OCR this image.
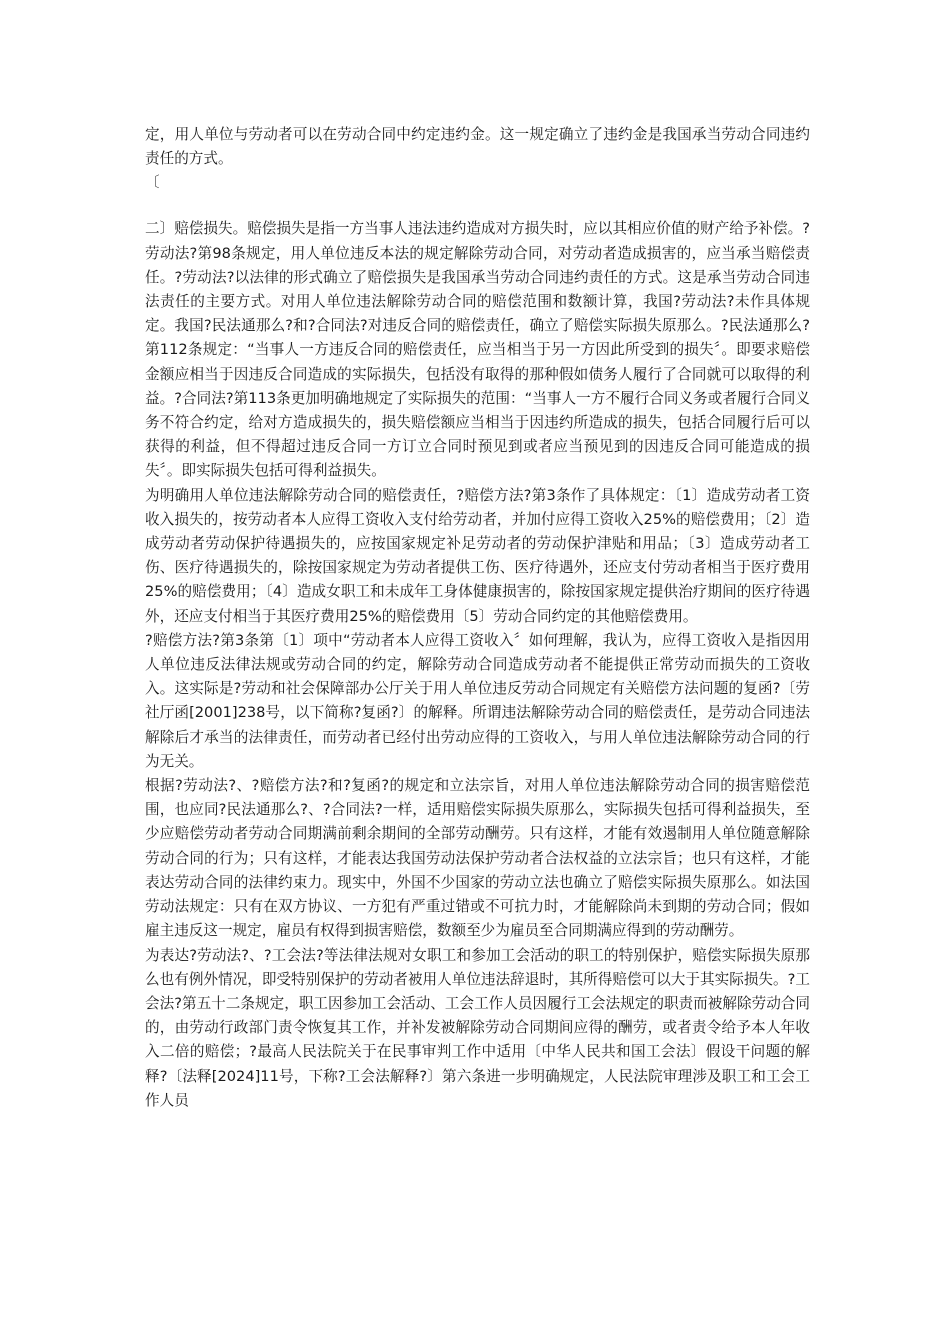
定，用人单位与劳动者可以在劳动合同中约定违约金。这一规定确立了违约金是我国承当劳动合同违约责任的方式。

〔

二〕赔偿损失。赔偿损失是指一方当事人违法违约造成对方损失时，应以其相应价值的财产给予补偿。?劳动法?第98条规定，用人单位违反本法的规定解除劳动合同，对劳动者造成损害的，应当承当赔偿责任。?劳动法?以法律的形式确立了赔偿损失是我国承当劳动合同违约责任的方式。这是承当劳动合同违法责任的主要方式。对用人单位违法解除劳动合同的赔偿范围和数额计算，我国?劳动法?未作具体规定。我国?民法通那么?和?合同法?对违反合同的赔偿责任，确立了赔偿实际损失原那么。?民法通那么?第112条规定：“当事人一方违反合同的赔偿责任，应当相当于另一方因此所受到的损失〞。即要求赔偿金额应相当于因违反合同造成的实际损失，包括没有取得的那种假如债务人履行了合同就可以取得的利益。?合同法?第113条更加明确地规定了实际损失的范围：“当事人一方不履行合同义务或者履行合同义务不符合约定，给对方造成损失的，损失赔偿额应当相当于因违约所造成的损失，包括合同履行后可以获得的利益，但不得超过违反合同一方订立合同时预见到或者应当预见到的因违反合同可能造成的损失〞。即实际损失包括可得利益损失。

为明确用人单位违法解除劳动合同的赔偿责任，?赔偿方法?第3条作了具体规定：〔1〕造成劳动者工资收入损失的，按劳动者本人应得工资收入支付给劳动者，并加付应得工资收入25%的赔偿费用；〔2〕造成劳动者劳动保护待遇损失的，应按国家规定补足劳动者的劳动保护津贴和用品；〔3〕造成劳动者工伤、医疗待遇损失的，除按国家规定为劳动者提供工伤、医疗待遇外，还应支付劳动者相当于医疗费用25%的赔偿费用；〔4〕造成女职工和未成年工身体健康损害的，除按国家规定提供治疗期间的医疗待遇外，还应支付相当于其医疗费用25%的赔偿费用〔5〕劳动合同约定的其他赔偿费用。

?赔偿方法?第3条第〔1〕项中“劳动者本人应得工资收入〞如何理解，我认为，应得工资收入是指因用人单位违反法律法规或劳动合同的约定，解除劳动合同造成劳动者不能提供正常劳动而损失的工资收入。这实际是?劳动和社会保障部办公厅关于用人单位违反劳动合同规定有关赔偿方法问题的复函?〔劳社厅函[2001]238号，以下简称?复函?〕的解释。所谓违法解除劳动合同的赔偿责任，是劳动合同违法解除后才承当的法律责任，而劳动者已经付出劳动应得的工资收入，与用人单位违法解除劳动合同的行为无关。

根据?劳动法?、?赔偿方法?和?复函?的规定和立法宗旨，对用人单位违法解除劳动合同的损害赔偿范围，也应同?民法通那么?、?合同法?一样，适用赔偿实际损失原那么，实际损失包括可得利益损失，至少应赔偿劳动者劳动合同期满前剩余期间的全部劳动酬劳。只有这样，才能有效遏制用人单位随意解除劳动合同的行为；只有这样，才能表达我国劳动法保护劳动者合法权益的立法宗旨；也只有这样，才能表达劳动合同的法律约束力。现实中，外国不少国家的劳动立法也确立了赔偿实际损失原那么。如法国劳动法规定：只有在双方协议、一方犯有严重过错或不可抗力时，才能解除尚未到期的劳动合同；假如雇主违反这一规定，雇员有权得到损害赔偿，数额至少为雇员至合同期满应得到的劳动酬劳。

为表达?劳动法?、?工会法?等法律法规对女职工和参加工会活动的职工的特别保护，赔偿实际损失原那么也有例外情况，即受特别保护的劳动者被用人单位违法辞退时，其所得赔偿可以大于其实际损失。?工会法?第五十二条规定，职工因参加工会活动、工会工作人员因履行工会法规定的职责而被解除劳动合同的，由劳动行政部门责令恢复其工作，并补发被解除劳动合同期间应得的酬劳，或者责令给予本人年收入二倍的赔偿；?最高人民法院关于在民事审判工作中适用〔中华人民共和国工会法〕假设干问题的解释?〔法释[2024]11号，下称?工会法解释?〕第六条进一步明确规定，人民法院审理涉及职工和工会工作人员
